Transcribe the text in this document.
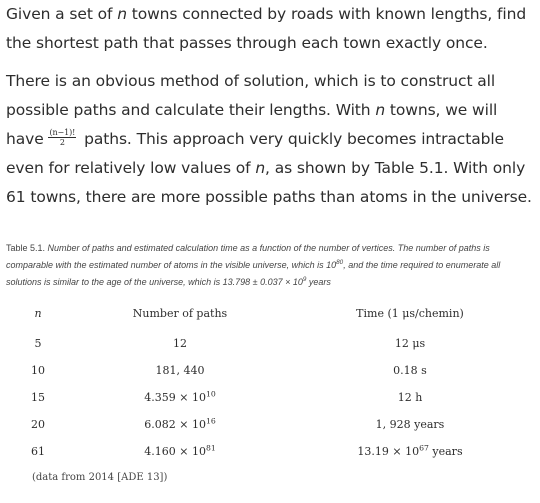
Given a set of n towns connected by roads with known lengths, find the shortest path that passes through each town exactly once.

There is an obvious method of solution, which is to construct all possible paths and calculate their lengths. With n towns, we will have $\frac{(n-1)!}{2}$ paths. This approach very quickly becomes intractable even for relatively low values of n, as shown by Table 5.1. With only 61 towns, there are more possible paths than atoms in the universe.

Table 5.1. Number of paths and estimated calculation time as a function of the number of vertices. The number of paths is comparable with the estimated number of atoms in the visible universe, which is $10^{80}$, and the time required to enumerate all solutions is similar to the age of the universe, which is $13.798 \pm 0.037 \times 10^9$ years
n	Number of paths	Time (1 μs/chemin)
5	12	12 μs
10	181, 440	0.18 s
15	$4.359 \times 10^{10}$	12 h
20	$6.082 \times 10^{16}$	1, 928 years
61	$4.160 \times 10^{81}$	$13.19 \times 10^{67}$ years
(data from 2014 [ADE 13])
